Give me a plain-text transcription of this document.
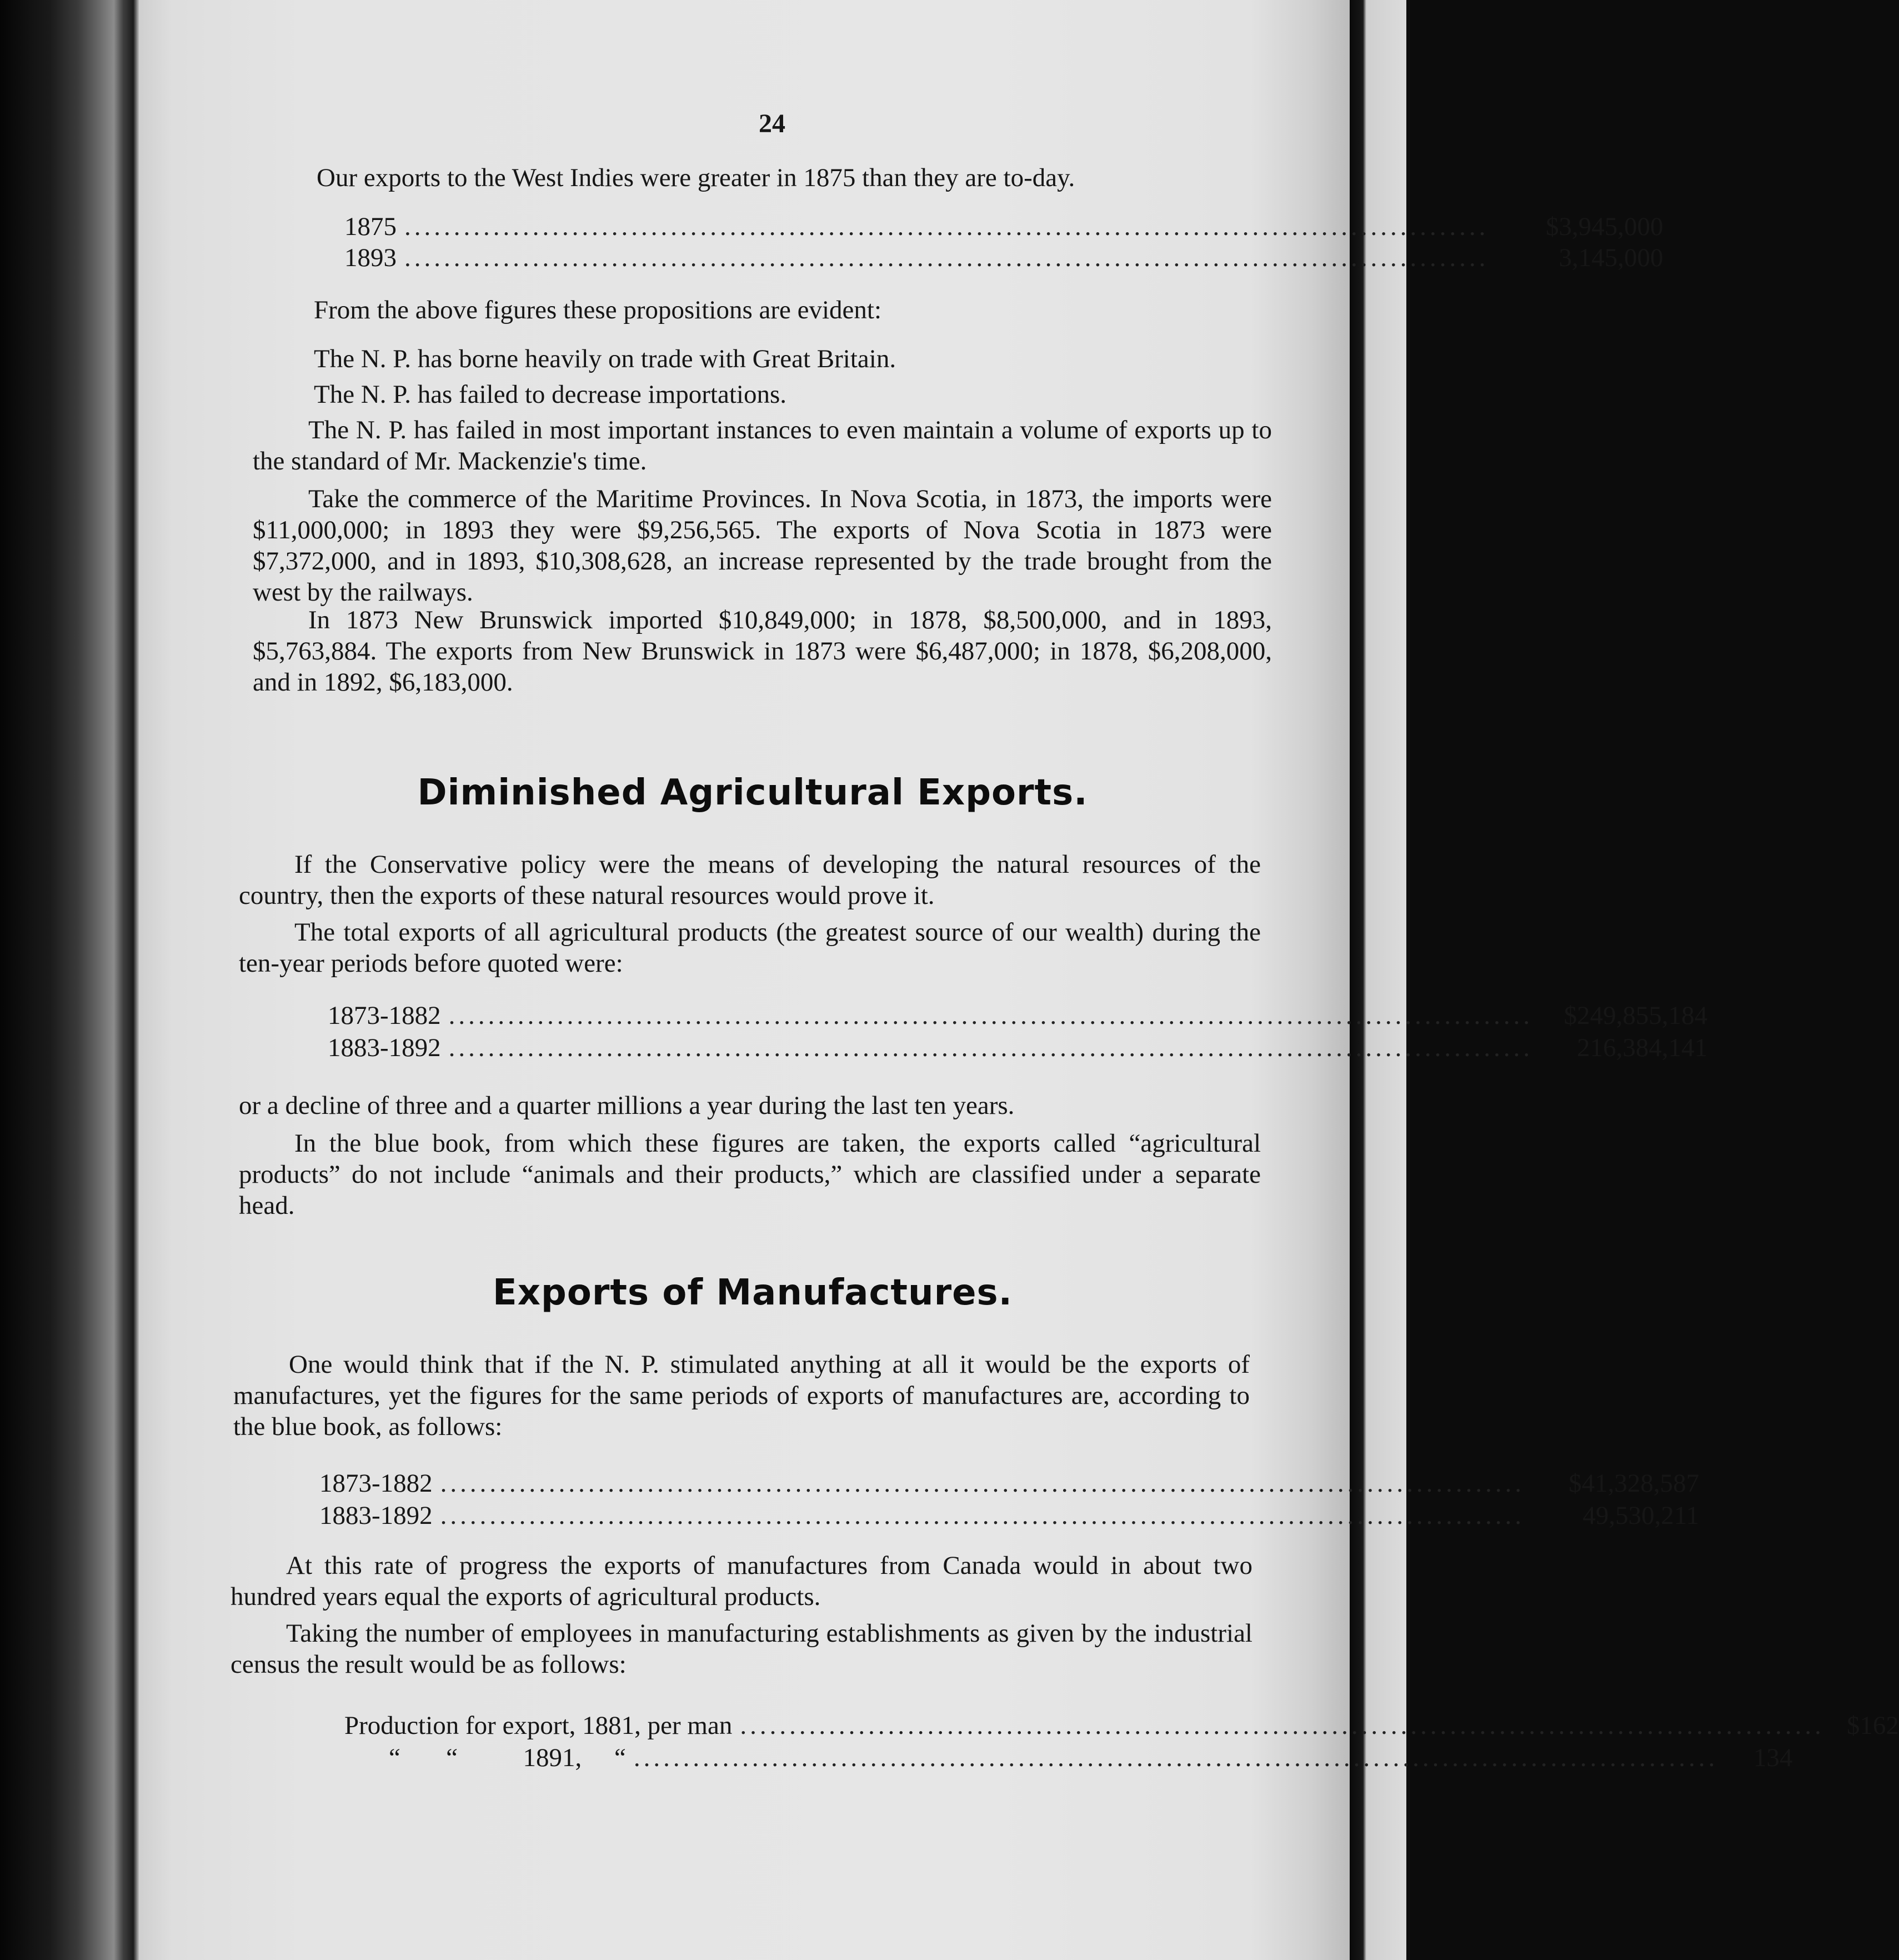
24

Our exports to the West Indies were greater in 1875 than they are to-day.

1875 ..............................................................................................................	$3,945,000
1893 ..............................................................................................................	3,145,000

From the above figures these propositions are evident:

The N. P. has borne heavily on trade with Great Britain.

The N. P. has failed to decrease importations.

The N. P. has failed in most important instances to even maintain a volume of exports up to the standard of Mr. Mackenzie's time.

Take the commerce of the Maritime Provinces. In Nova Scotia, in 1873, the imports were $11,000,000; in 1893 they were $9,256,565. The exports of Nova Scotia in 1873 were $7,372,000, and in 1893, $10,308,628, an increase represented by the trade brought from the west by the railways.

In 1873 New Brunswick imported $10,849,000; in 1878, $8,500,000, and in 1893, $5,763,884. The exports from New Brunswick in 1873 were $6,487,000; in 1878, $6,208,000, and in 1892, $6,183,000.

Diminished Agricultural Exports.

If the Conservative policy were the means of developing the natural resources of the country, then the exports of these natural resources would prove it.

The total exports of all agricultural products (the greatest source of our wealth) during the ten-year periods before quoted were:

1873-1882 ..............................................................................................................	$249,855,184
1883-1892 ..............................................................................................................	216,384,141

or a decline of three and a quarter millions a year during the last ten years.

In the blue book, from which these figures are taken, the exports called “agricultural products” do not include “animals and their products,” which are classified under a separate head.

Exports of Manufactures.

One would think that if the N. P. stimulated anything at all it would be the exports of manufactures, yet the figures for the same periods of exports of manufactures are, according to the blue book, as follows:

1873-1882 ..............................................................................................................	$41,328,587
1883-1892 ..............................................................................................................	49,530,211

At this rate of progress the exports of manufactures from Canada would in about two hundred years equal the exports of agricultural products.

Taking the number of employees in manufacturing establishments as given by the industrial census the result would be as follows:

Production for export, 1881, per man .............................................................................................................. $162
“       “          1891,     “ ..............................................................................................................	134
